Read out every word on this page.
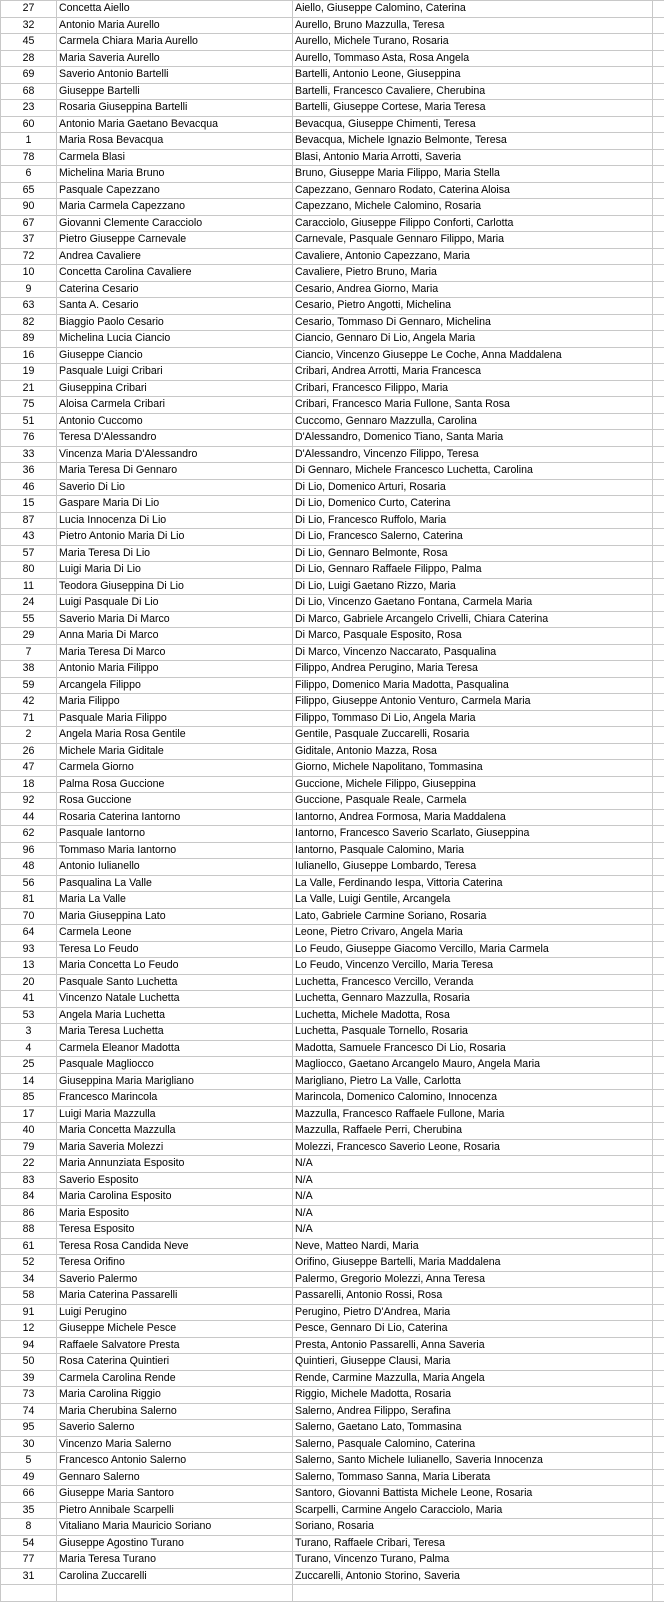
27	Concetta Aiello	Aiello, Giuseppe Calomino, Caterina	
32	Antonio Maria Aurello	Aurello, Bruno Mazzulla, Teresa	
45	Carmela Chiara Maria Aurello	Aurello, Michele Turano, Rosaria	
28	Maria Saveria Aurello	Aurello, Tommaso Asta, Rosa Angela	
69	Saverio Antonio Bartelli	Bartelli, Antonio Leone, Giuseppina	
68	Giuseppe Bartelli	Bartelli, Francesco Cavaliere, Cherubina	
23	Rosaria Giuseppina Bartelli	Bartelli, Giuseppe Cortese, Maria Teresa	
60	Antonio Maria Gaetano Bevacqua	Bevacqua, Giuseppe Chimenti, Teresa	
1	Maria Rosa Bevacqua	Bevacqua, Michele Ignazio Belmonte, Teresa	
78	Carmela Blasi	Blasi, Antonio Maria Arrotti, Saveria	
6	Michelina Maria Bruno	Bruno, Giuseppe Maria Filippo, Maria Stella	
65	Pasquale Capezzano	Capezzano, Gennaro Rodato, Caterina Aloisa	
90	Maria Carmela Capezzano	Capezzano, Michele Calomino, Rosaria	
67	Giovanni Clemente Caracciolo	Caracciolo, Giuseppe Filippo Conforti, Carlotta	
37	Pietro Giuseppe Carnevale	Carnevale, Pasquale Gennaro Filippo, Maria	
72	Andrea Cavaliere	Cavaliere, Antonio Capezzano, Maria	
10	Concetta Carolina Cavaliere	Cavaliere, Pietro Bruno, Maria	
9	Caterina Cesario	Cesario, Andrea Giorno, Maria	
63	Santa A. Cesario	Cesario, Pietro Angotti, Michelina	
82	Biaggio Paolo Cesario	Cesario, Tommaso Di Gennaro, Michelina	
89	Michelina Lucia Ciancio	Ciancio, Gennaro Di Lio, Angela Maria	
16	Giuseppe Ciancio	Ciancio, Vincenzo Giuseppe Le Coche, Anna Maddalena	
19	Pasquale Luigi Cribari	Cribari, Andrea Arrotti, Maria Francesca	
21	Giuseppina Cribari	Cribari, Francesco Filippo, Maria	
75	Aloisa Carmela Cribari	Cribari, Francesco Maria Fullone, Santa Rosa	
51	Antonio Cuccomo	Cuccomo, Gennaro Mazzulla, Carolina	
76	Teresa D'Alessandro	D'Alessandro, Domenico Tiano, Santa Maria	
33	Vincenza Maria D'Alessandro	D'Alessandro, Vincenzo Filippo, Teresa	
36	Maria Teresa Di Gennaro	Di Gennaro, Michele Francesco Luchetta, Carolina	
46	Saverio Di Lio	Di Lio, Domenico Arturi, Rosaria	
15	Gaspare Maria Di Lio	Di Lio, Domenico Curto, Caterina	
87	Lucia Innocenza Di Lio	Di Lio, Francesco Ruffolo, Maria	
43	Pietro Antonio Maria Di Lio	Di Lio, Francesco Salerno, Caterina	
57	Maria Teresa Di Lio	Di Lio, Gennaro Belmonte, Rosa	
80	Luigi Maria Di Lio	Di Lio, Gennaro Raffaele Filippo, Palma	
11	Teodora Giuseppina Di Lio	Di Lio, Luigi Gaetano Rizzo, Maria	
24	Luigi Pasquale Di Lio	Di Lio, Vincenzo Gaetano Fontana, Carmela Maria	
55	Saverio Maria Di Marco	Di Marco, Gabriele Arcangelo Crivelli, Chiara Caterina	
29	Anna Maria Di Marco	Di Marco, Pasquale Esposito, Rosa	
7	Maria Teresa Di Marco	Di Marco, Vincenzo Naccarato, Pasqualina	
38	Antonio Maria Filippo	Filippo, Andrea Perugino, Maria Teresa	
59	Arcangela Filippo	Filippo, Domenico Maria Madotta, Pasqualina	
42	Maria Filippo	Filippo, Giuseppe Antonio Venturo, Carmela Maria	
71	Pasquale Maria Filippo	Filippo, Tommaso Di Lio, Angela Maria	
2	Angela Maria Rosa Gentile	Gentile, Pasquale Zuccarelli, Rosaria	
26	Michele Maria Giditale	Giditale, Antonio Mazza, Rosa	
47	Carmela Giorno	Giorno, Michele Napolitano, Tommasina	
18	Palma Rosa Guccione	Guccione, Michele Filippo, Giuseppina	
92	Rosa Guccione	Guccione, Pasquale Reale, Carmela	
44	Rosaria Caterina Iantorno	Iantorno, Andrea Formosa, Maria Maddalena	
62	Pasquale Iantorno	Iantorno, Francesco Saverio Scarlato, Giuseppina	
96	Tommaso Maria Iantorno	Iantorno, Pasquale Calomino, Maria	
48	Antonio Iulianello	Iulianello, Giuseppe Lombardo, Teresa	
56	Pasqualina La Valle	La Valle, Ferdinando Iespa, Vittoria Caterina	
81	Maria La Valle	La Valle, Luigi Gentile, Arcangela	
70	Maria Giuseppina Lato	Lato, Gabriele Carmine Soriano, Rosaria	
64	Carmela Leone	Leone, Pietro Crivaro, Angela Maria	
93	Teresa Lo Feudo	Lo Feudo, Giuseppe Giacomo Vercillo, Maria Carmela	
13	Maria Concetta Lo Feudo	Lo Feudo, Vincenzo Vercillo, Maria Teresa	
20	Pasquale Santo Luchetta	Luchetta, Francesco Vercillo, Veranda	
41	Vincenzo Natale Luchetta	Luchetta, Gennaro Mazzulla, Rosaria	
53	Angela Maria Luchetta	Luchetta, Michele Madotta, Rosa	
3	Maria Teresa Luchetta	Luchetta, Pasquale Tornello, Rosaria	
4	Carmela Eleanor Madotta	Madotta, Samuele Francesco Di Lio, Rosaria	
25	Pasquale Magliocco	Magliocco, Gaetano Arcangelo Mauro, Angela Maria	
14	Giuseppina Maria Marigliano	Marigliano, Pietro La Valle, Carlotta	
85	Francesco Marincola	Marincola, Domenico Calomino, Innocenza	
17	Luigi Maria Mazzulla	Mazzulla, Francesco Raffaele Fullone, Maria	
40	Maria Concetta Mazzulla	Mazzulla, Raffaele Perri, Cherubina	
79	Maria Saveria Molezzi	Molezzi, Francesco Saverio Leone, Rosaria	
22	Maria Annunziata Esposito	N/A	
83	Saverio Esposito	N/A	
84	Maria Carolina Esposito	N/A	
86	Maria Esposito	N/A	
88	Teresa Esposito	N/A	
61	Teresa Rosa Candida Neve	Neve, Matteo Nardi, Maria	
52	Teresa Orifino	Orifino, Giuseppe Bartelli, Maria Maddalena	
34	Saverio Palermo	Palermo, Gregorio Molezzi, Anna Teresa	
58	Maria Caterina Passarelli	Passarelli, Antonio Rossi, Rosa	
91	Luigi Perugino	Perugino, Pietro D'Andrea, Maria	
12	Giuseppe Michele Pesce	Pesce, Gennaro Di Lio, Caterina	
94	Raffaele Salvatore Presta	Presta, Antonio Passarelli, Anna Saveria	
50	Rosa Caterina Quintieri	Quintieri, Giuseppe Clausi, Maria	
39	Carmela Carolina Rende	Rende, Carmine Mazzulla, Maria Angela	
73	Maria Carolina Riggio	Riggio, Michele Madotta, Rosaria	
74	Maria Cherubina Salerno	Salerno, Andrea Filippo, Serafina	
95	Saverio Salerno	Salerno, Gaetano Lato, Tommasina	
30	Vincenzo Maria Salerno	Salerno, Pasquale Calomino, Caterina	
5	Francesco Antonio Salerno	Salerno, Santo Michele Iulianello, Saveria Innocenza	
49	Gennaro Salerno	Salerno, Tommaso Sanna, Maria Liberata	
66	Giuseppe Maria Santoro	Santoro, Giovanni Battista Michele Leone, Rosaria	
35	Pietro Annibale Scarpelli	Scarpelli, Carmine Angelo Caracciolo, Maria	
8	Vitaliano Maria Mauricio Soriano	Soriano, Rosaria	
54	Giuseppe Agostino Turano	Turano, Raffaele Cribari, Teresa	
77	Maria Teresa Turano	Turano, Vincenzo Turano, Palma	
31	Carolina Zuccarelli	Zuccarelli, Antonio Storino, Saveria	
